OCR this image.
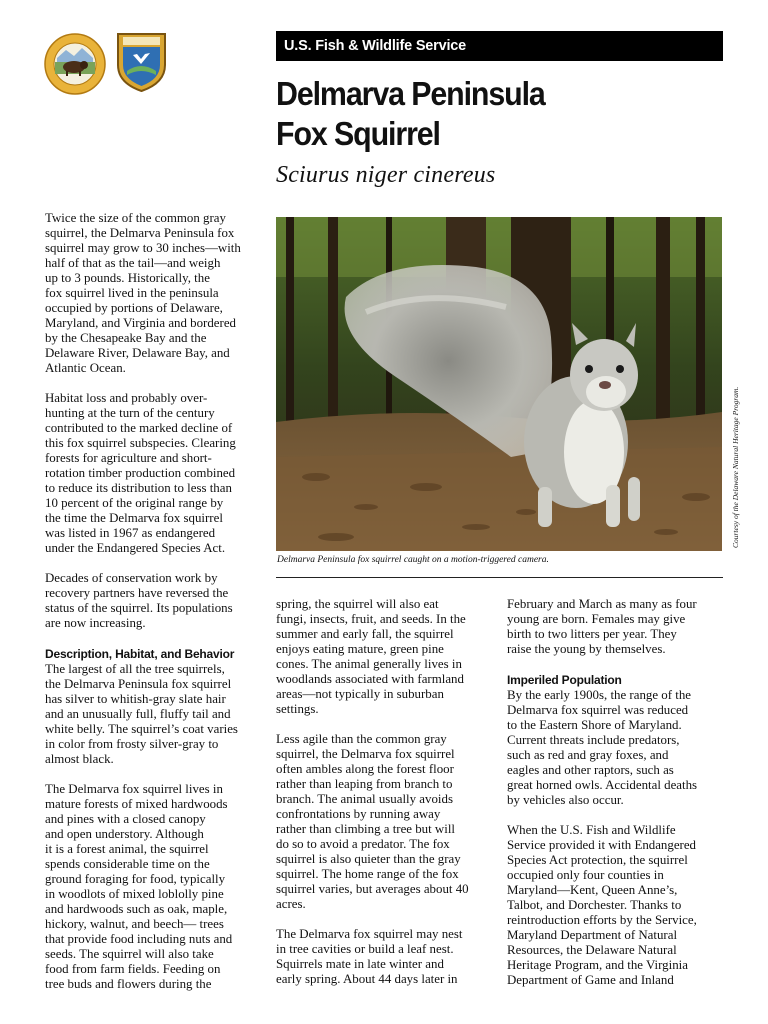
U.S. Fish & Wildlife Service
Delmarva Peninsula
Fox Squirrel
Sciurus niger cinereus

Twice the size of the common gray
squirrel, the Delmarva Peninsula fox
squirrel may grow to 30 inches—with
half of that as the tail—and weigh
up to 3 pounds. Historically, the
fox squirrel lived in the peninsula
occupied by portions of Delaware,
Maryland, and Virginia and bordered
by the Chesapeake Bay and the
Delaware River, Delaware Bay, and
Atlantic Ocean.

Habitat loss and probably over-
hunting at the turn of the century
contributed to the marked decline of
this fox squirrel subspecies. Clearing
forests for agriculture and short-
rotation timber production combined
to reduce its distribution to less than
10 percent of the original range by
the time the Delmarva fox squirrel
was listed in 1967 as endangered
under the Endangered Species Act.

Decades of conservation work by
recovery partners have reversed the
status of the squirrel. Its populations
are now increasing.

Description, Habitat, and Behavior

The largest of all the tree squirrels,
the Delmarva Peninsula fox squirrel
has silver to whitish-gray slate hair
and an unusually full, fluffy tail and
white belly. The squirrel’s coat varies
in color from frosty silver-gray to
almost black.

The Delmarva fox squirrel lives in
mature forests of mixed hardwoods
and pines with a closed canopy
and open understory. Although
it is a forest animal, the squirrel
spends considerable time on the
ground foraging for food, typically
in woodlots of mixed loblolly pine
and hardwoods such as oak, maple,
hickory, walnut, and beech— trees
that provide food including nuts and
seeds. The squirrel will also take
food from farm fields. Feeding on
tree buds and flowers during the

Courtesy of the Delaware Natural Heritage Program.
Delmarva Peninsula fox squirrel caught on a motion-triggered camera.

spring, the squirrel will also eat
fungi, insects, fruit, and seeds. In the
summer and early fall, the squirrel
enjoys eating mature, green pine
cones. The animal generally lives in
woodlands associated with farmland
areas—not typically in suburban
settings.

Less agile than the common gray
squirrel, the Delmarva fox squirrel
often ambles along the forest floor
rather than leaping from branch to
branch. The animal usually avoids
confrontations by running away
rather than climbing a tree but will
do so to avoid a predator. The fox
squirrel is also quieter than the gray
squirrel. The home range of the fox
squirrel varies, but averages about 40
acres.

The Delmarva fox squirrel may nest
in tree cavities or build a leaf nest.
Squirrels mate in late winter and
early spring. About 44 days later in

February and March as many as four
young are born. Females may give
birth to two litters per year. They
raise the young by themselves.

Imperiled Population

By the early 1900s, the range of the
Delmarva fox squirrel was reduced
to the Eastern Shore of Maryland.
Current threats include predators,
such as red and gray foxes, and
eagles and other raptors, such as
great horned owls. Accidental deaths
by vehicles also occur.

When the U.S. Fish and Wildlife
Service provided it with Endangered
Species Act protection, the squirrel
occupied only four counties in
Maryland—Kent, Queen Anne’s,
Talbot, and Dorchester. Thanks to
reintroduction efforts by the Service,
Maryland Department of Natural
Resources, the Delaware Natural
Heritage Program, and the Virginia
Department of Game and Inland
